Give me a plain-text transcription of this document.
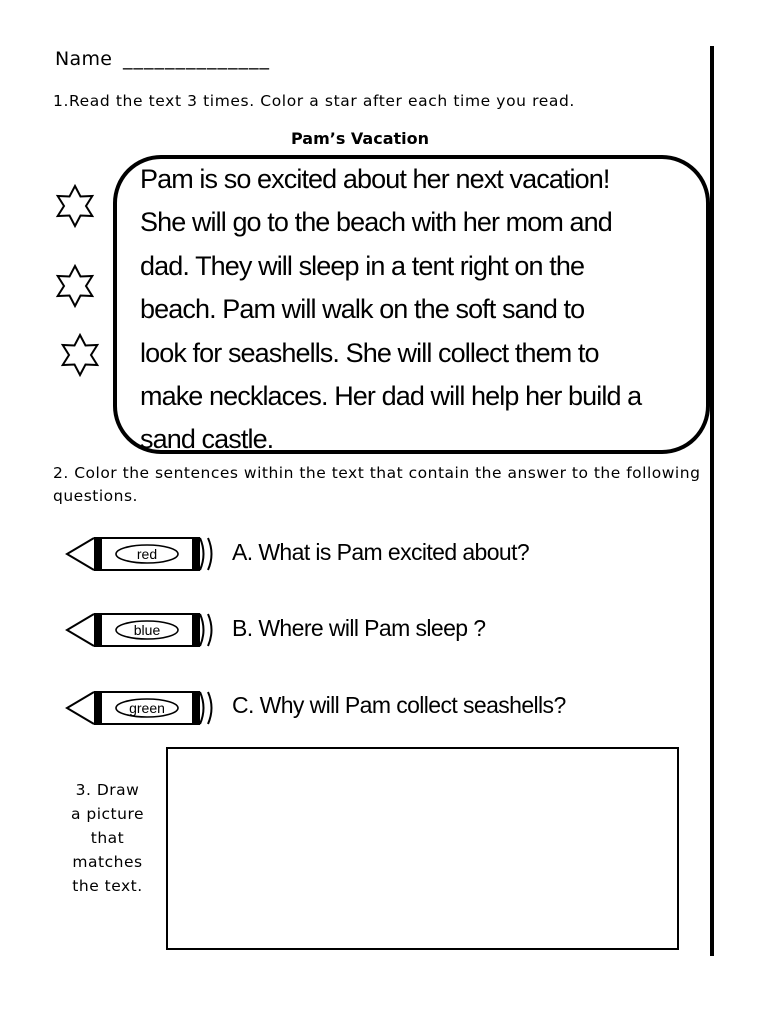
Name ______________
1.Read the text 3 times. Color a star after each time you read.
Pam’s Vacation
Pam is so excited about her next vacation!
She will go to the beach with her mom and
dad. They will sleep in a tent right on the
beach. Pam will walk on the soft sand to
look for seashells. She will collect them to
make necklaces. Her dad will help her build a
sand castle.
2. Color the sentences within the text that contain the answer to the following questions.
red	A. What is Pam excited about?
blue	B. Where will Pam sleep ?
green	C. Why will Pam collect seashells?
3. Draw
a picture
that
matches
the text.
